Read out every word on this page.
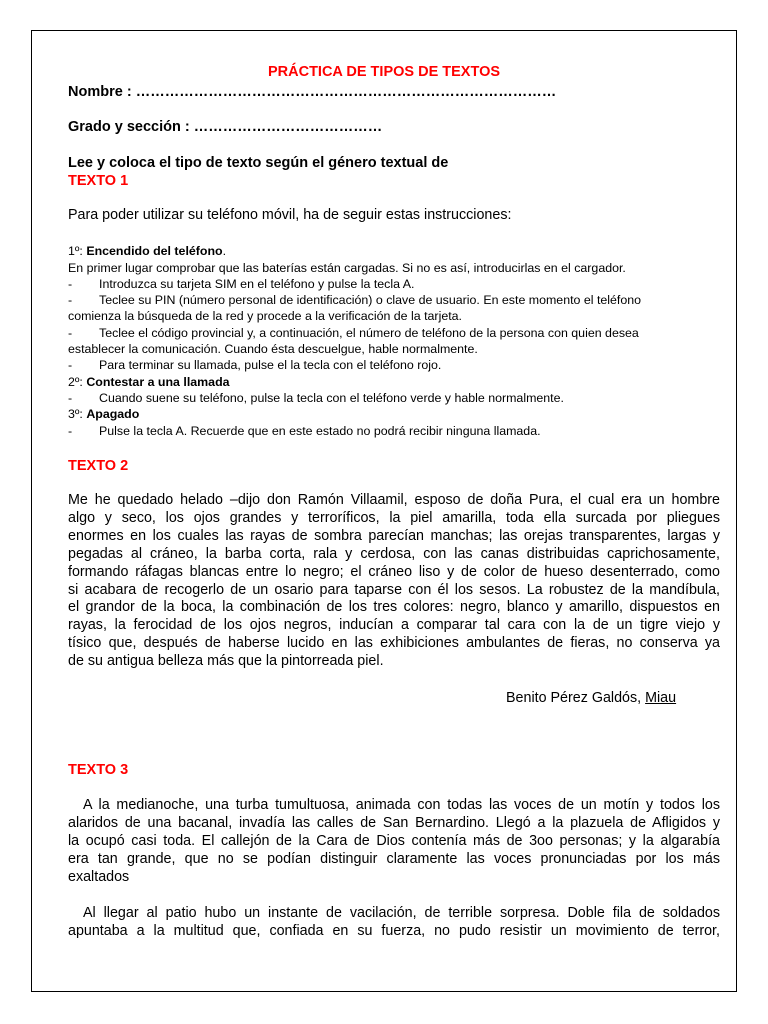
PRÁCTICA DE TIPOS DE TEXTOS
Nombre : ……………………………………………………………………………
Grado y sección : …………………………………
Lee y coloca el tipo de texto según el género textual de
TEXTO 1
Para poder utilizar su teléfono móvil, ha de seguir estas instrucciones:
1º: Encendido del teléfono.
En primer lugar comprobar que las baterías están cargadas. Si no es así, introducirlas en el cargador.
- Introduzca su tarjeta SIM en el teléfono y pulse la tecla A.
- Teclee su PIN (número personal de identificación) o clave de usuario. En este momento el teléfono
comienza la búsqueda de la red y procede a la verificación de la tarjeta.
- Teclee el código provincial y, a continuación, el número de teléfono de la persona con quien desea
establecer la comunicación. Cuando ésta descuelgue, hable normalmente.
- Para terminar su llamada, pulse el la tecla con el teléfono rojo.
2º: Contestar a una llamada
- Cuando suene su teléfono, pulse la tecla con el teléfono verde y hable normalmente.
3º: Apagado
- Pulse la tecla A. Recuerde que en este estado no podrá recibir ninguna llamada.
TEXTO 2
Me he quedado helado –dijo don Ramón Villaamil, esposo de doña Pura, el cual era un hombre
algo y seco, los ojos grandes y terroríficos, la piel amarilla, toda ella surcada por pliegues
enormes en los cuales las rayas de sombra parecían manchas; las orejas transparentes, largas y
pegadas al cráneo, la barba corta, rala y cerdosa, con las canas distribuidas caprichosamente,
formando ráfagas blancas entre lo negro; el cráneo liso y de color de hueso desenterrado, como
si acabara de recogerlo de un osario para taparse con él los sesos. La robustez de la mandíbula,
el grandor de la boca, la combinación de los tres colores: negro, blanco y amarillo, dispuestos en
rayas, la ferocidad de los ojos negros, inducían a comparar tal cara con la de un tigre viejo y
tísico que, después de haberse lucido en las exhibiciones ambulantes de fieras, no conserva ya
de su antigua belleza más que la pintorreada piel.
Benito Pérez Galdós, Miau
TEXTO 3
A la medianoche, una turba tumultuosa, animada con todas las voces de un motín y todos los
alaridos de una bacanal, invadía las calles de San Bernardino. Llegó a la plazuela de Afligidos y
la ocupó casi toda. El callejón de la Cara de Dios contenía más de 3oo personas; y la algarabía
era tan grande, que no se podían distinguir claramente las voces pronunciadas por los más
exaltados
Al llegar al patio hubo un instante de vacilación, de terrible sorpresa. Doble fila de soldados
apuntaba a la multitud que, confiada en su fuerza, no pudo resistir un movimiento de terror,
